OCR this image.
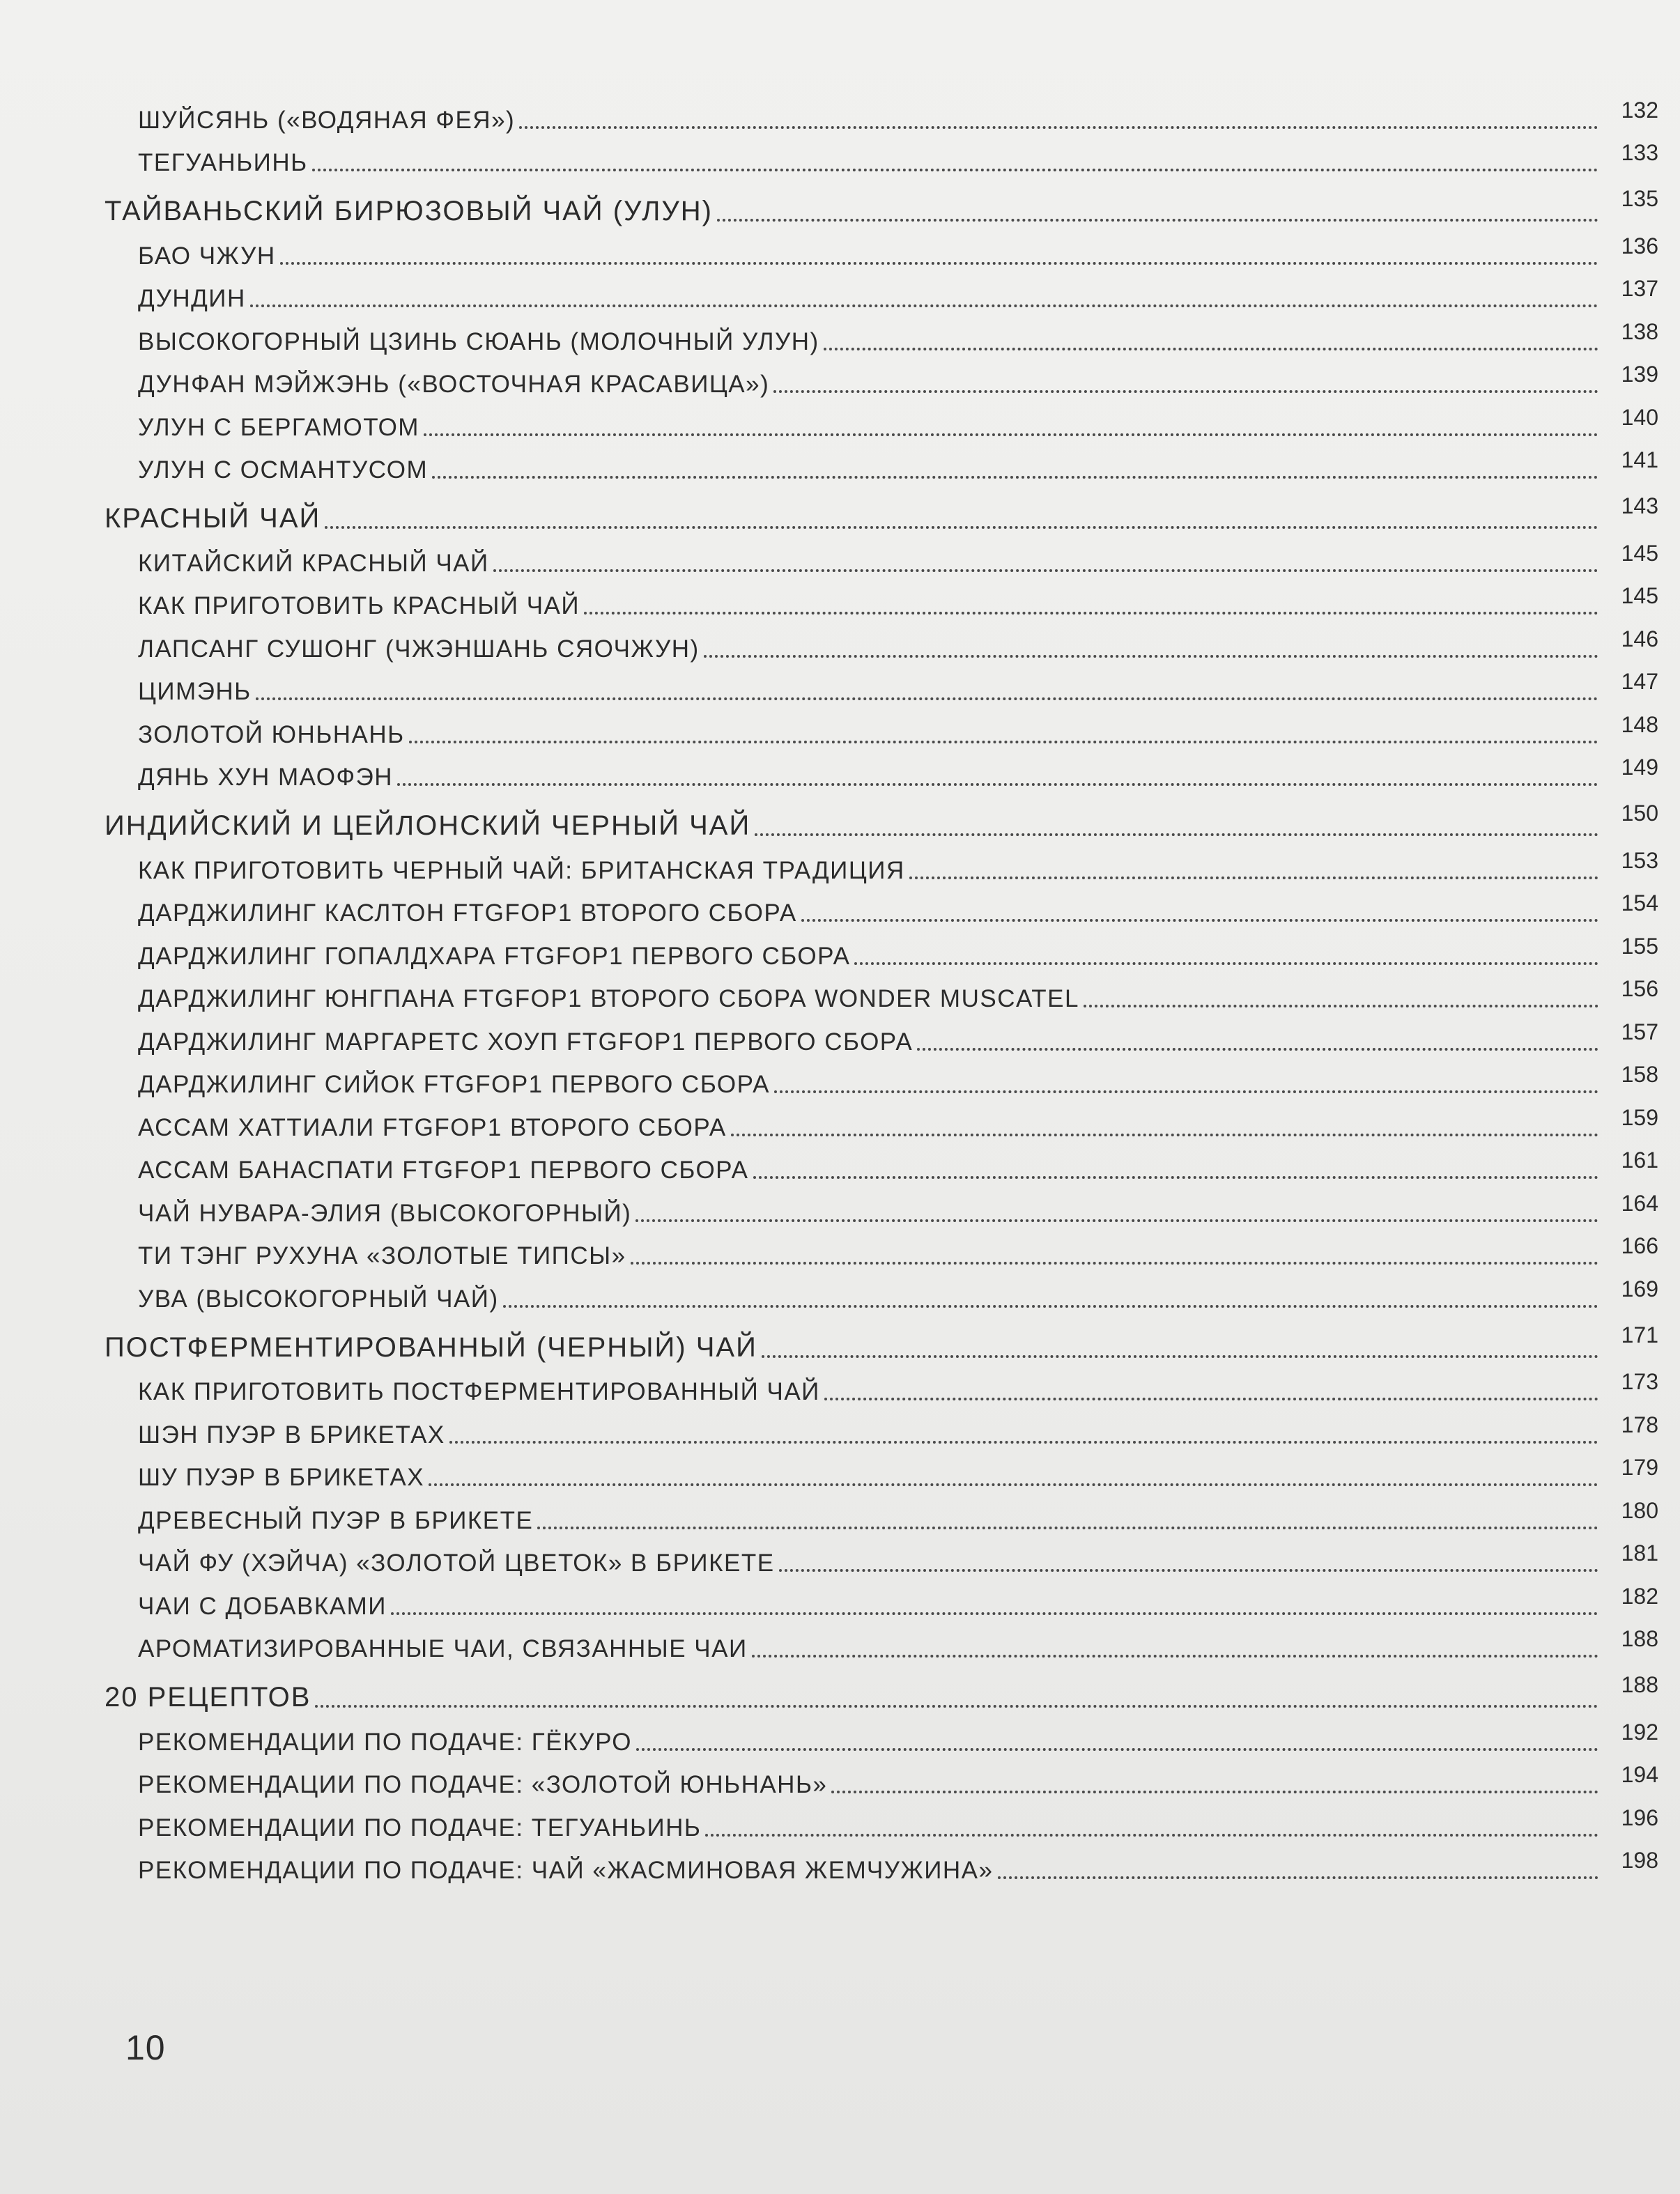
ШУЙСЯНЬ («ВОДЯНАЯ ФЕЯ»)	132
ТЕГУАНЬИНЬ	133
ТАЙВАНЬСКИЙ БИРЮЗОВЫЙ ЧАЙ (УЛУН)	135
БАО ЧЖУН	136
ДУНДИН	137
ВЫСОКОГОРНЫЙ ЦЗИНЬ СЮАНЬ (МОЛОЧНЫЙ УЛУН)	138
ДУНФАН МЭЙЖЭНЬ («ВОСТОЧНАЯ КРАСАВИЦА»)	139
УЛУН С БЕРГАМОТОМ	140
УЛУН С ОСМАНТУСОМ	141
КРАСНЫЙ ЧАЙ	143
КИТАЙСКИЙ КРАСНЫЙ ЧАЙ	145
КАК ПРИГОТОВИТЬ КРАСНЫЙ ЧАЙ	145
ЛАПСАНГ СУШОНГ (ЧЖЭНШАНЬ СЯОЧЖУН)	146
ЦИМЭНЬ	147
ЗОЛОТОЙ ЮНЬНАНЬ	148
ДЯНЬ ХУН МАОФЭН	149
ИНДИЙСКИЙ И ЦЕЙЛОНСКИЙ ЧЕРНЫЙ ЧАЙ	150
КАК ПРИГОТОВИТЬ ЧЕРНЫЙ ЧАЙ: БРИТАНСКАЯ ТРАДИЦИЯ	153
ДАРДЖИЛИНГ КАСЛТОН FTGFOP1 ВТОРОГО СБОРА	154
ДАРДЖИЛИНГ ГОПАЛДХАРА FTGFOP1 ПЕРВОГО СБОРА	155
ДАРДЖИЛИНГ ЮНГПАНА FTGFOP1 ВТОРОГО СБОРА WONDER MUSCATEL	156
ДАРДЖИЛИНГ МАРГАРЕТС ХОУП FTGFOP1 ПЕРВОГО СБОРА	157
ДАРДЖИЛИНГ СИЙОК FTGFOP1 ПЕРВОГО СБОРА	158
АССАМ ХАТТИАЛИ FTGFOP1 ВТОРОГО СБОРА	159
АССАМ БАНАСПАТИ FTGFOP1 ПЕРВОГО СБОРА	161
ЧАЙ НУВАРА-ЭЛИЯ (ВЫСОКОГОРНЫЙ)	164
ТИ ТЭНГ РУХУНА «ЗОЛОТЫЕ ТИПСЫ»	166
УВА (ВЫСОКОГОРНЫЙ ЧАЙ)	169
ПОСТФЕРМЕНТИРОВАННЫЙ (ЧЕРНЫЙ) ЧАЙ	171
КАК ПРИГОТОВИТЬ ПОСТФЕРМЕНТИРОВАННЫЙ ЧАЙ	173
ШЭН ПУЭР В БРИКЕТАХ	178
ШУ ПУЭР В БРИКЕТАХ	179
ДРЕВЕСНЫЙ ПУЭР В БРИКЕТЕ	180
ЧАЙ ФУ (ХЭЙЧА) «ЗОЛОТОЙ ЦВЕТОК» В БРИКЕТЕ	181
ЧАИ С ДОБАВКАМИ	182
АРОМАТИЗИРОВАННЫЕ ЧАИ, СВЯЗАННЫЕ ЧАИ	188
20 РЕЦЕПТОВ	188
РЕКОМЕНДАЦИИ ПО ПОДАЧЕ: ГЁКУРО	192
РЕКОМЕНДАЦИИ ПО ПОДАЧЕ: «ЗОЛОТОЙ ЮНЬНАНЬ»	194
РЕКОМЕНДАЦИИ ПО ПОДАЧЕ: ТЕГУАНЬИНЬ	196
РЕКОМЕНДАЦИИ ПО ПОДАЧЕ: ЧАЙ «ЖАСМИНОВАЯ ЖЕМЧУЖИНА»	198
10
